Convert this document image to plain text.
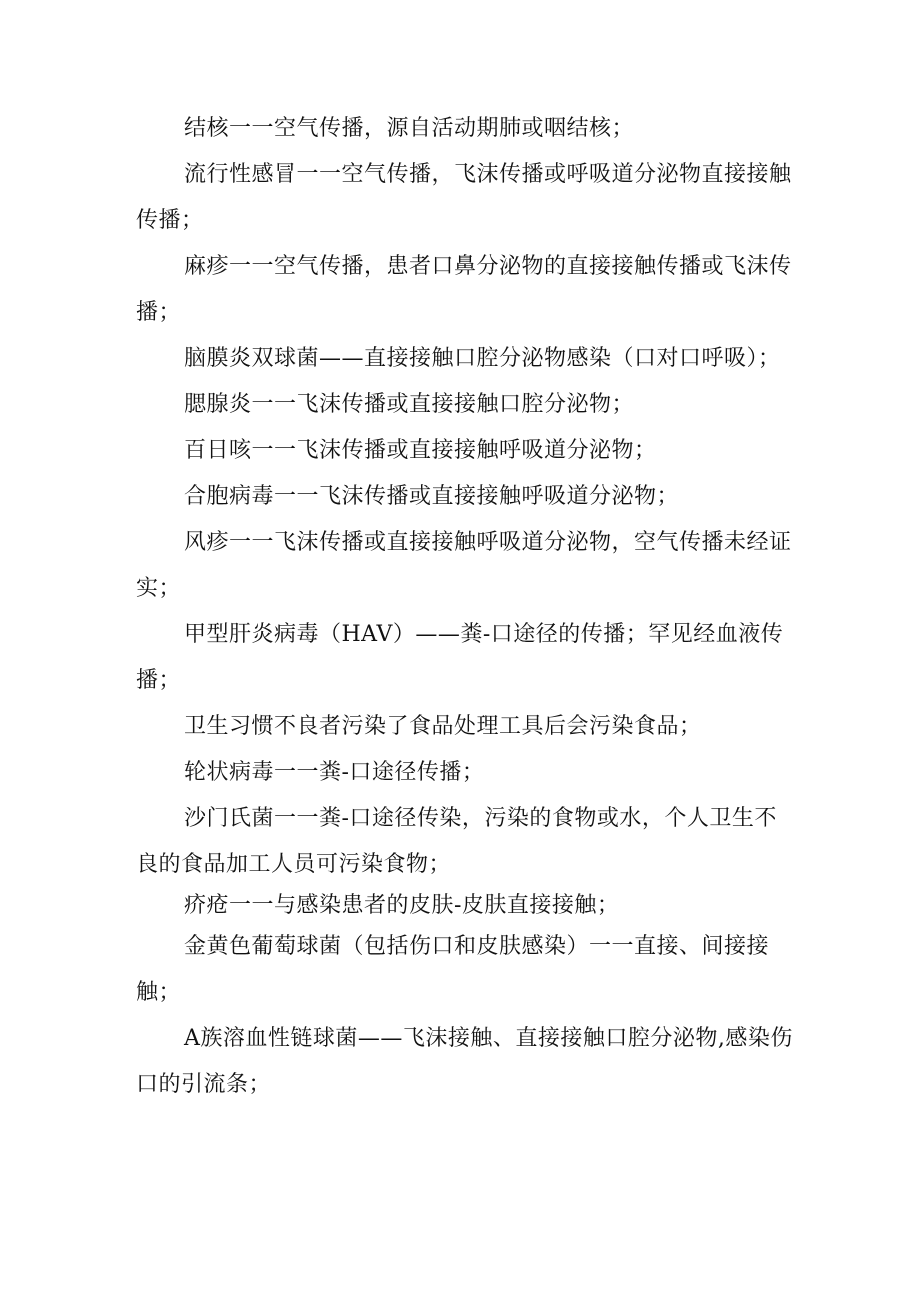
结核一一空气传播，源自活动期肺或咽结核；

流行性感冒一一空气传播，飞沫传播或呼吸道分泌物直接接触传播；

麻疹一一空气传播，患者口鼻分泌物的直接接触传播或飞沫传播；

脑膜炎双球菌——直接接触口腔分泌物感染（口对口呼吸）；

腮腺炎一一飞沫传播或直接接触口腔分泌物；

百日咳一一飞沫传播或直接接触呼吸道分泌物；

合胞病毒一一飞沫传播或直接接触呼吸道分泌物；

风疹一一飞沫传播或直接接触呼吸道分泌物，空气传播未经证实；

甲型肝炎病毒（HAV）——粪-口途径的传播；罕见经血液传播；

卫生习惯不良者污染了食品处理工具后会污染食品；

轮状病毒一一粪-口途径传播；

沙门氏菌一一粪-口途径传染，污染的食物或水，个人卫生不良的食品加工人员可污染食物；

疥疮一一与感染患者的皮肤-皮肤直接接触；

金黄色葡萄球菌（包括伤口和皮肤感染）一一直接、间接接触；

A族溶血性链球菌——飞沫接触、直接接触口腔分泌物,感染伤口的引流条；
